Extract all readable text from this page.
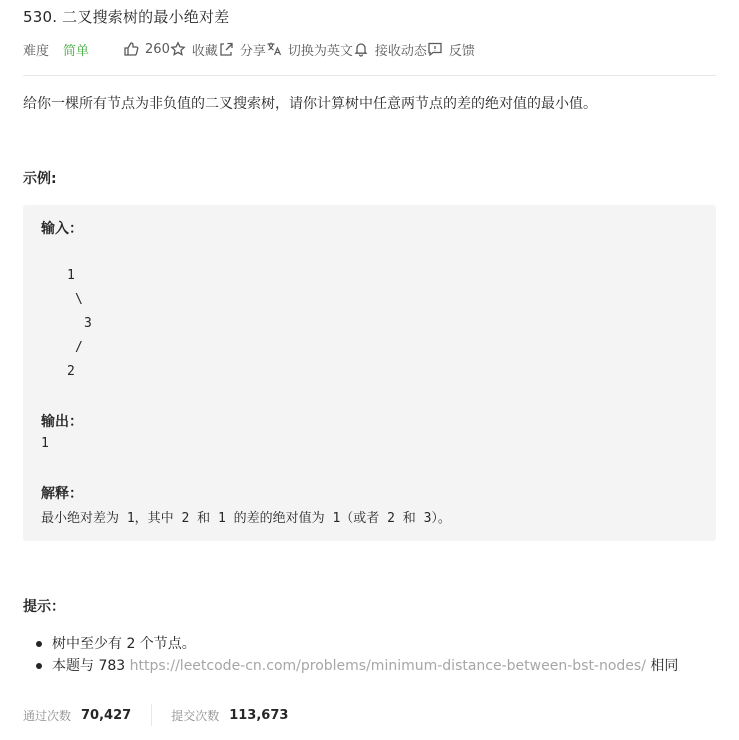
530. 二叉搜索树的最小绝对差
难度 简单	260 收藏 分享 切换为英文 接收动态 反馈
给你一棵所有节点为非负值的二叉搜索树，请你计算树中任意两节点的差的绝对值的最小值。
示例:
输入：
1
\
3
/
2
输出：
1
解释：
最小绝对差为 1，其中 2 和 1 的差的绝对值为 1（或者 2 和 3）。
提示：
树中至少有 2 个节点。
本题与 783 https://leetcode-cn.com/problems/minimum-distance-between-bst-nodes/ 相同
通过次数 70,427	提交次数 113,673
